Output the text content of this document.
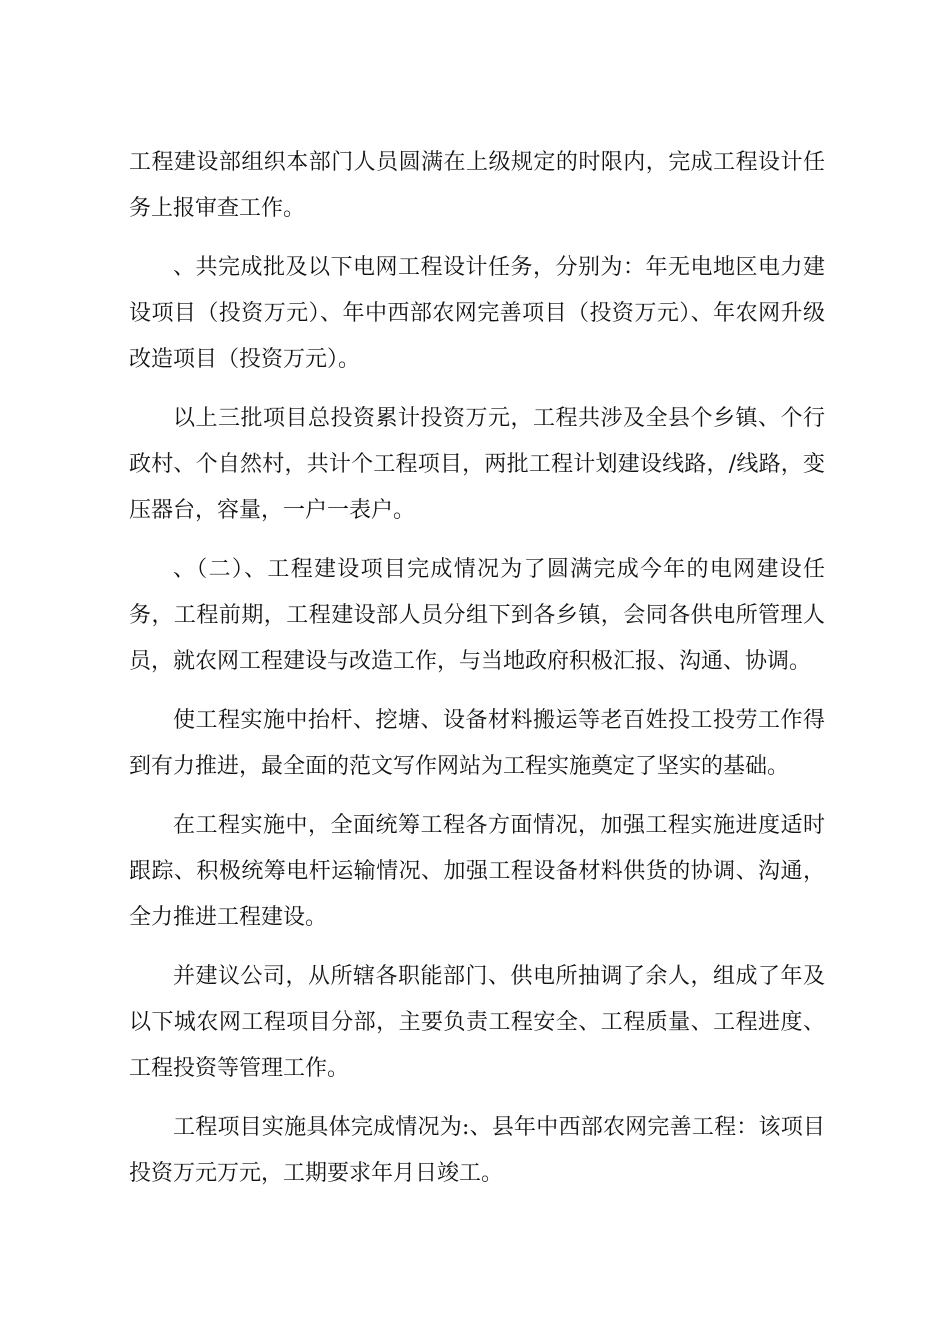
工程建设部组织本部门人员圆满在上级规定的时限内，完成工程设计任务上报审查工作。

、共完成批及以下电网工程设计任务，分别为：年无电地区电力建设项目（投资万元）、年中西部农网完善项目（投资万元）、年农网升级改造项目（投资万元）。

以上三批项目总投资累计投资万元，工程共涉及全县个乡镇、个行政村、个自然村，共计个工程项目，两批工程计划建设线路，/线路，变压器台，容量，一户一表户。

、（二）、工程建设项目完成情况为了圆满完成今年的电网建设任务，工程前期，工程建设部人员分组下到各乡镇，会同各供电所管理人员，就农网工程建设与改造工作，与当地政府积极汇报、沟通、协调。

使工程实施中抬杆、挖塘、设备材料搬运等老百姓投工投劳工作得到有力推进，最全面的范文写作网站为工程实施奠定了坚实的基础。

在工程实施中，全面统筹工程各方面情况，加强工程实施进度适时跟踪、积极统筹电杆运输情况、加强工程设备材料供货的协调、沟通，全力推进工程建设。

并建议公司，从所辖各职能部门、供电所抽调了余人，组成了年及以下城农网工程项目分部，主要负责工程安全、工程质量、工程进度、工程投资等管理工作。

工程项目实施具体完成情况为:、县年中西部农网完善工程：该项目投资万元万元，工期要求年月日竣工。
